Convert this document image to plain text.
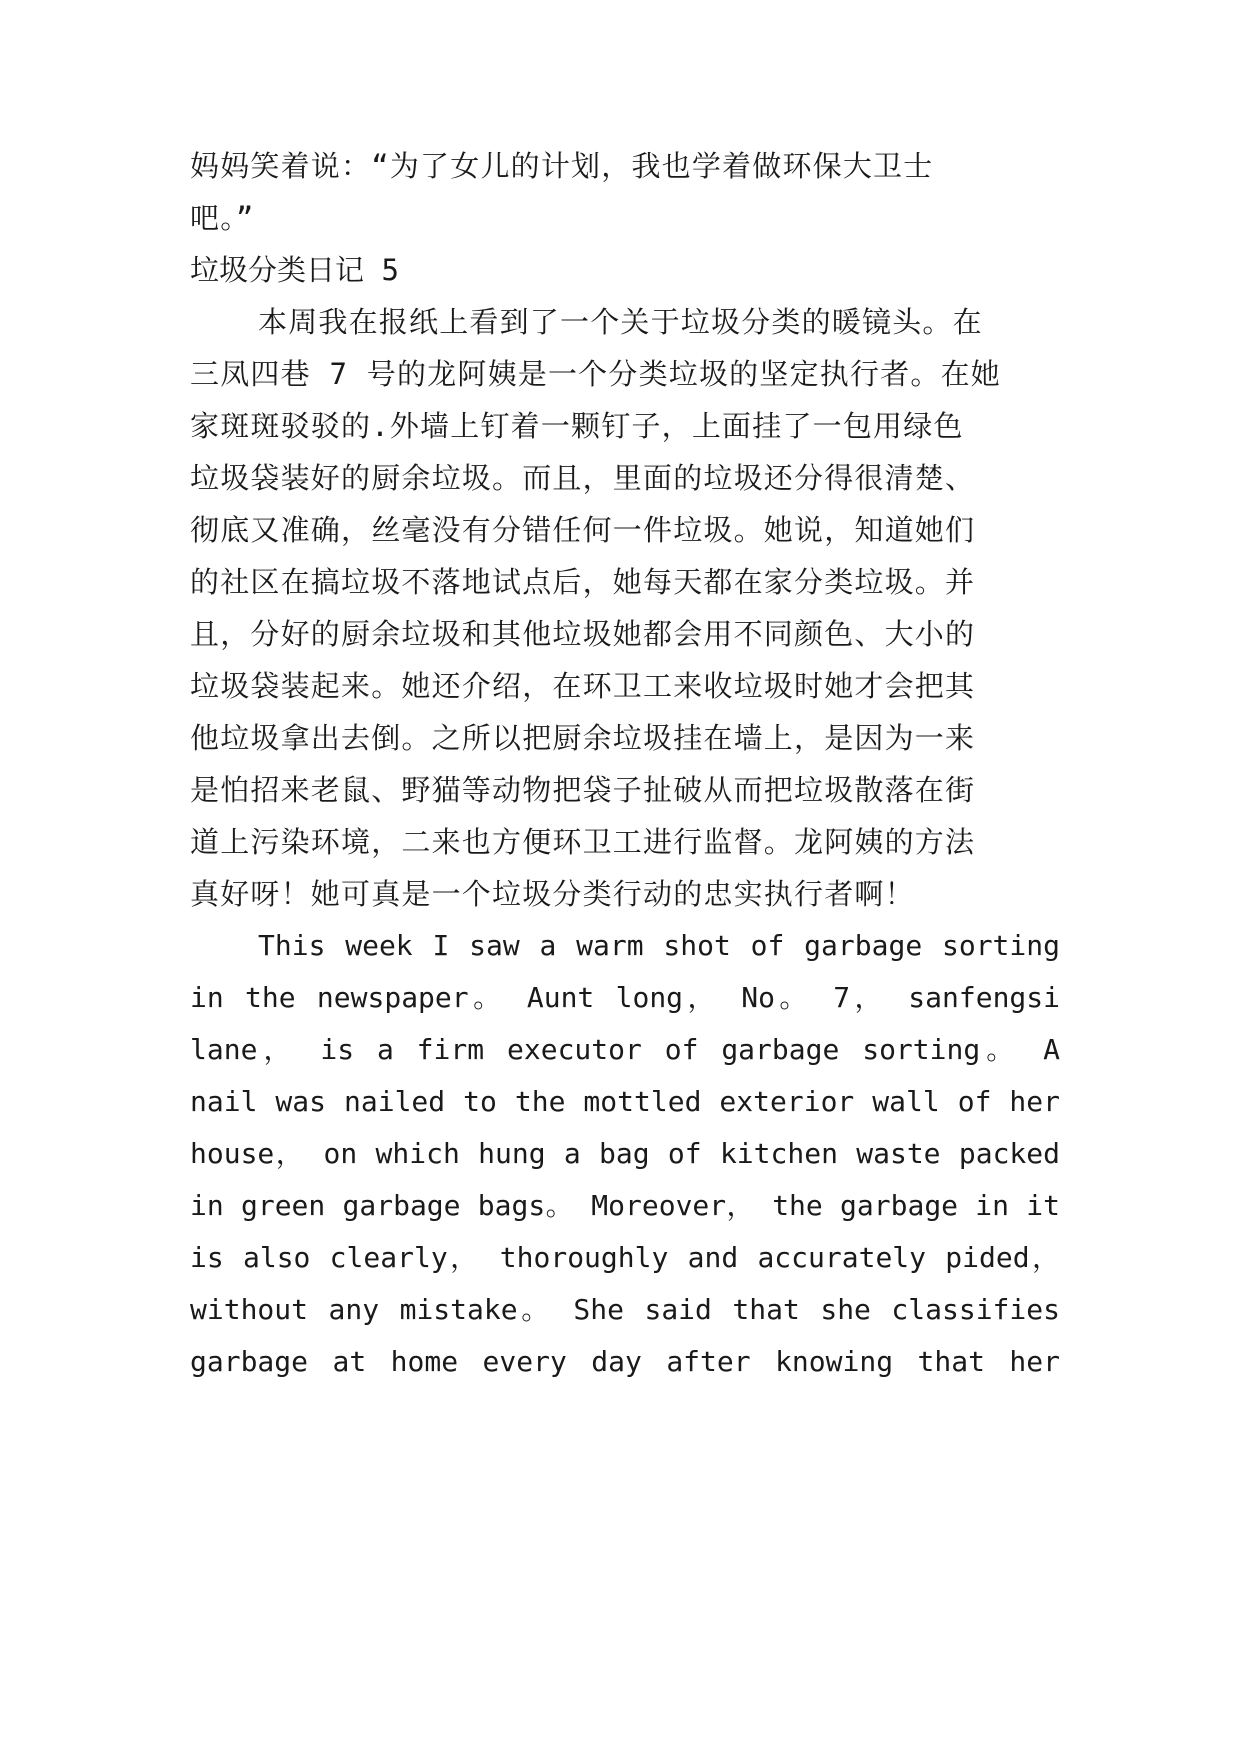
妈妈笑着说：“为了女儿的计划，我也学着做环保大卫士
吧。”
垃圾分类日记 5
本周我在报纸上看到了一个关于垃圾分类的暖镜头。在
三凤四巷 7 号的龙阿姨是一个分类垃圾的坚定执行者。在她
家斑斑驳驳的.外墙上钉着一颗钉子，上面挂了一包用绿色
垃圾袋装好的厨余垃圾。而且，里面的垃圾还分得很清楚、
彻底又准确，丝毫没有分错任何一件垃圾。她说，知道她们
的社区在搞垃圾不落地试点后，她每天都在家分类垃圾。并
且，分好的厨余垃圾和其他垃圾她都会用不同颜色、大小的
垃圾袋装起来。她还介绍，在环卫工来收垃圾时她才会把其
他垃圾拿出去倒。之所以把厨余垃圾挂在墙上，是因为一来
是怕招来老鼠、野猫等动物把袋子扯破从而把垃圾散落在街
道上污染环境，二来也方便环卫工进行监督。龙阿姨的方法
真好呀！她可真是一个垃圾分类行动的忠实执行者啊！
This week I saw a warm shot of garbage sorting
in the newspaper。 Aunt long， No。 7， sanfengsi
lane， is a firm executor of garbage sorting。 A
nail was nailed to the mottled exterior wall of her
house， on which hung a bag of kitchen waste packed
in green garbage bags。 Moreover， the garbage in it
is also clearly， thoroughly and accurately pided，
without any mistake。 She said that she classifies
garbage at home every day after knowing that her
